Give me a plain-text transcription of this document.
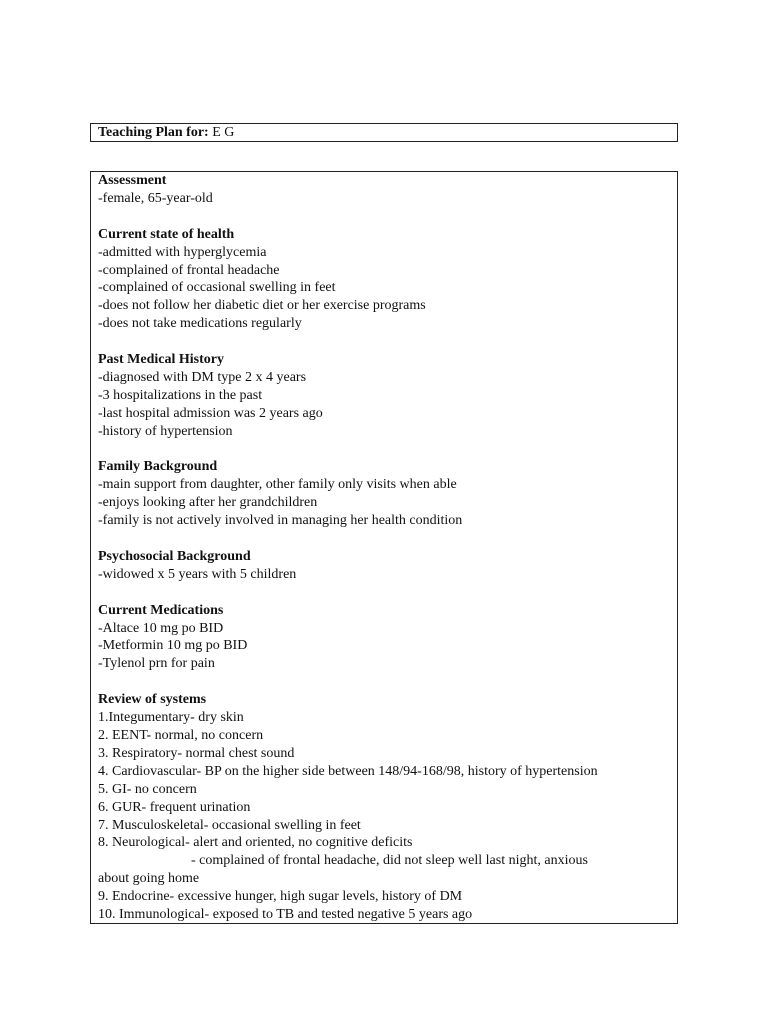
Teaching Plan for: E G
Assessment
-female, 65-year-old
Current state of health
-admitted with hyperglycemia
-complained of frontal headache
-complained of occasional swelling in feet
-does not follow her diabetic diet or her exercise programs
-does not take medications regularly
Past Medical History
-diagnosed with DM type 2 x 4 years
-3 hospitalizations in the past
-last hospital admission was 2 years ago
-history of hypertension
Family Background
-main support from daughter, other family only visits when able
-enjoys looking after her grandchildren
-family is not actively involved in managing her health condition
Psychosocial Background
-widowed x 5 years with 5 children
Current Medications
-Altace 10 mg po BID
-Metformin 10 mg po BID
-Tylenol prn for pain
Review of systems
1.Integumentary- dry skin
2. EENT- normal, no concern
3. Respiratory- normal chest sound
4. Cardiovascular- BP on the higher side between 148/94-168/98, history of hypertension
5. GI- no concern
6. GUR- frequent urination
7. Musculoskeletal- occasional swelling in feet
8. Neurological- alert and oriented, no cognitive deficits
- complained of frontal headache, did not sleep well last night, anxious
about going home
9. Endocrine- excessive hunger, high sugar levels, history of DM
10. Immunological- exposed to TB and tested negative 5 years ago
